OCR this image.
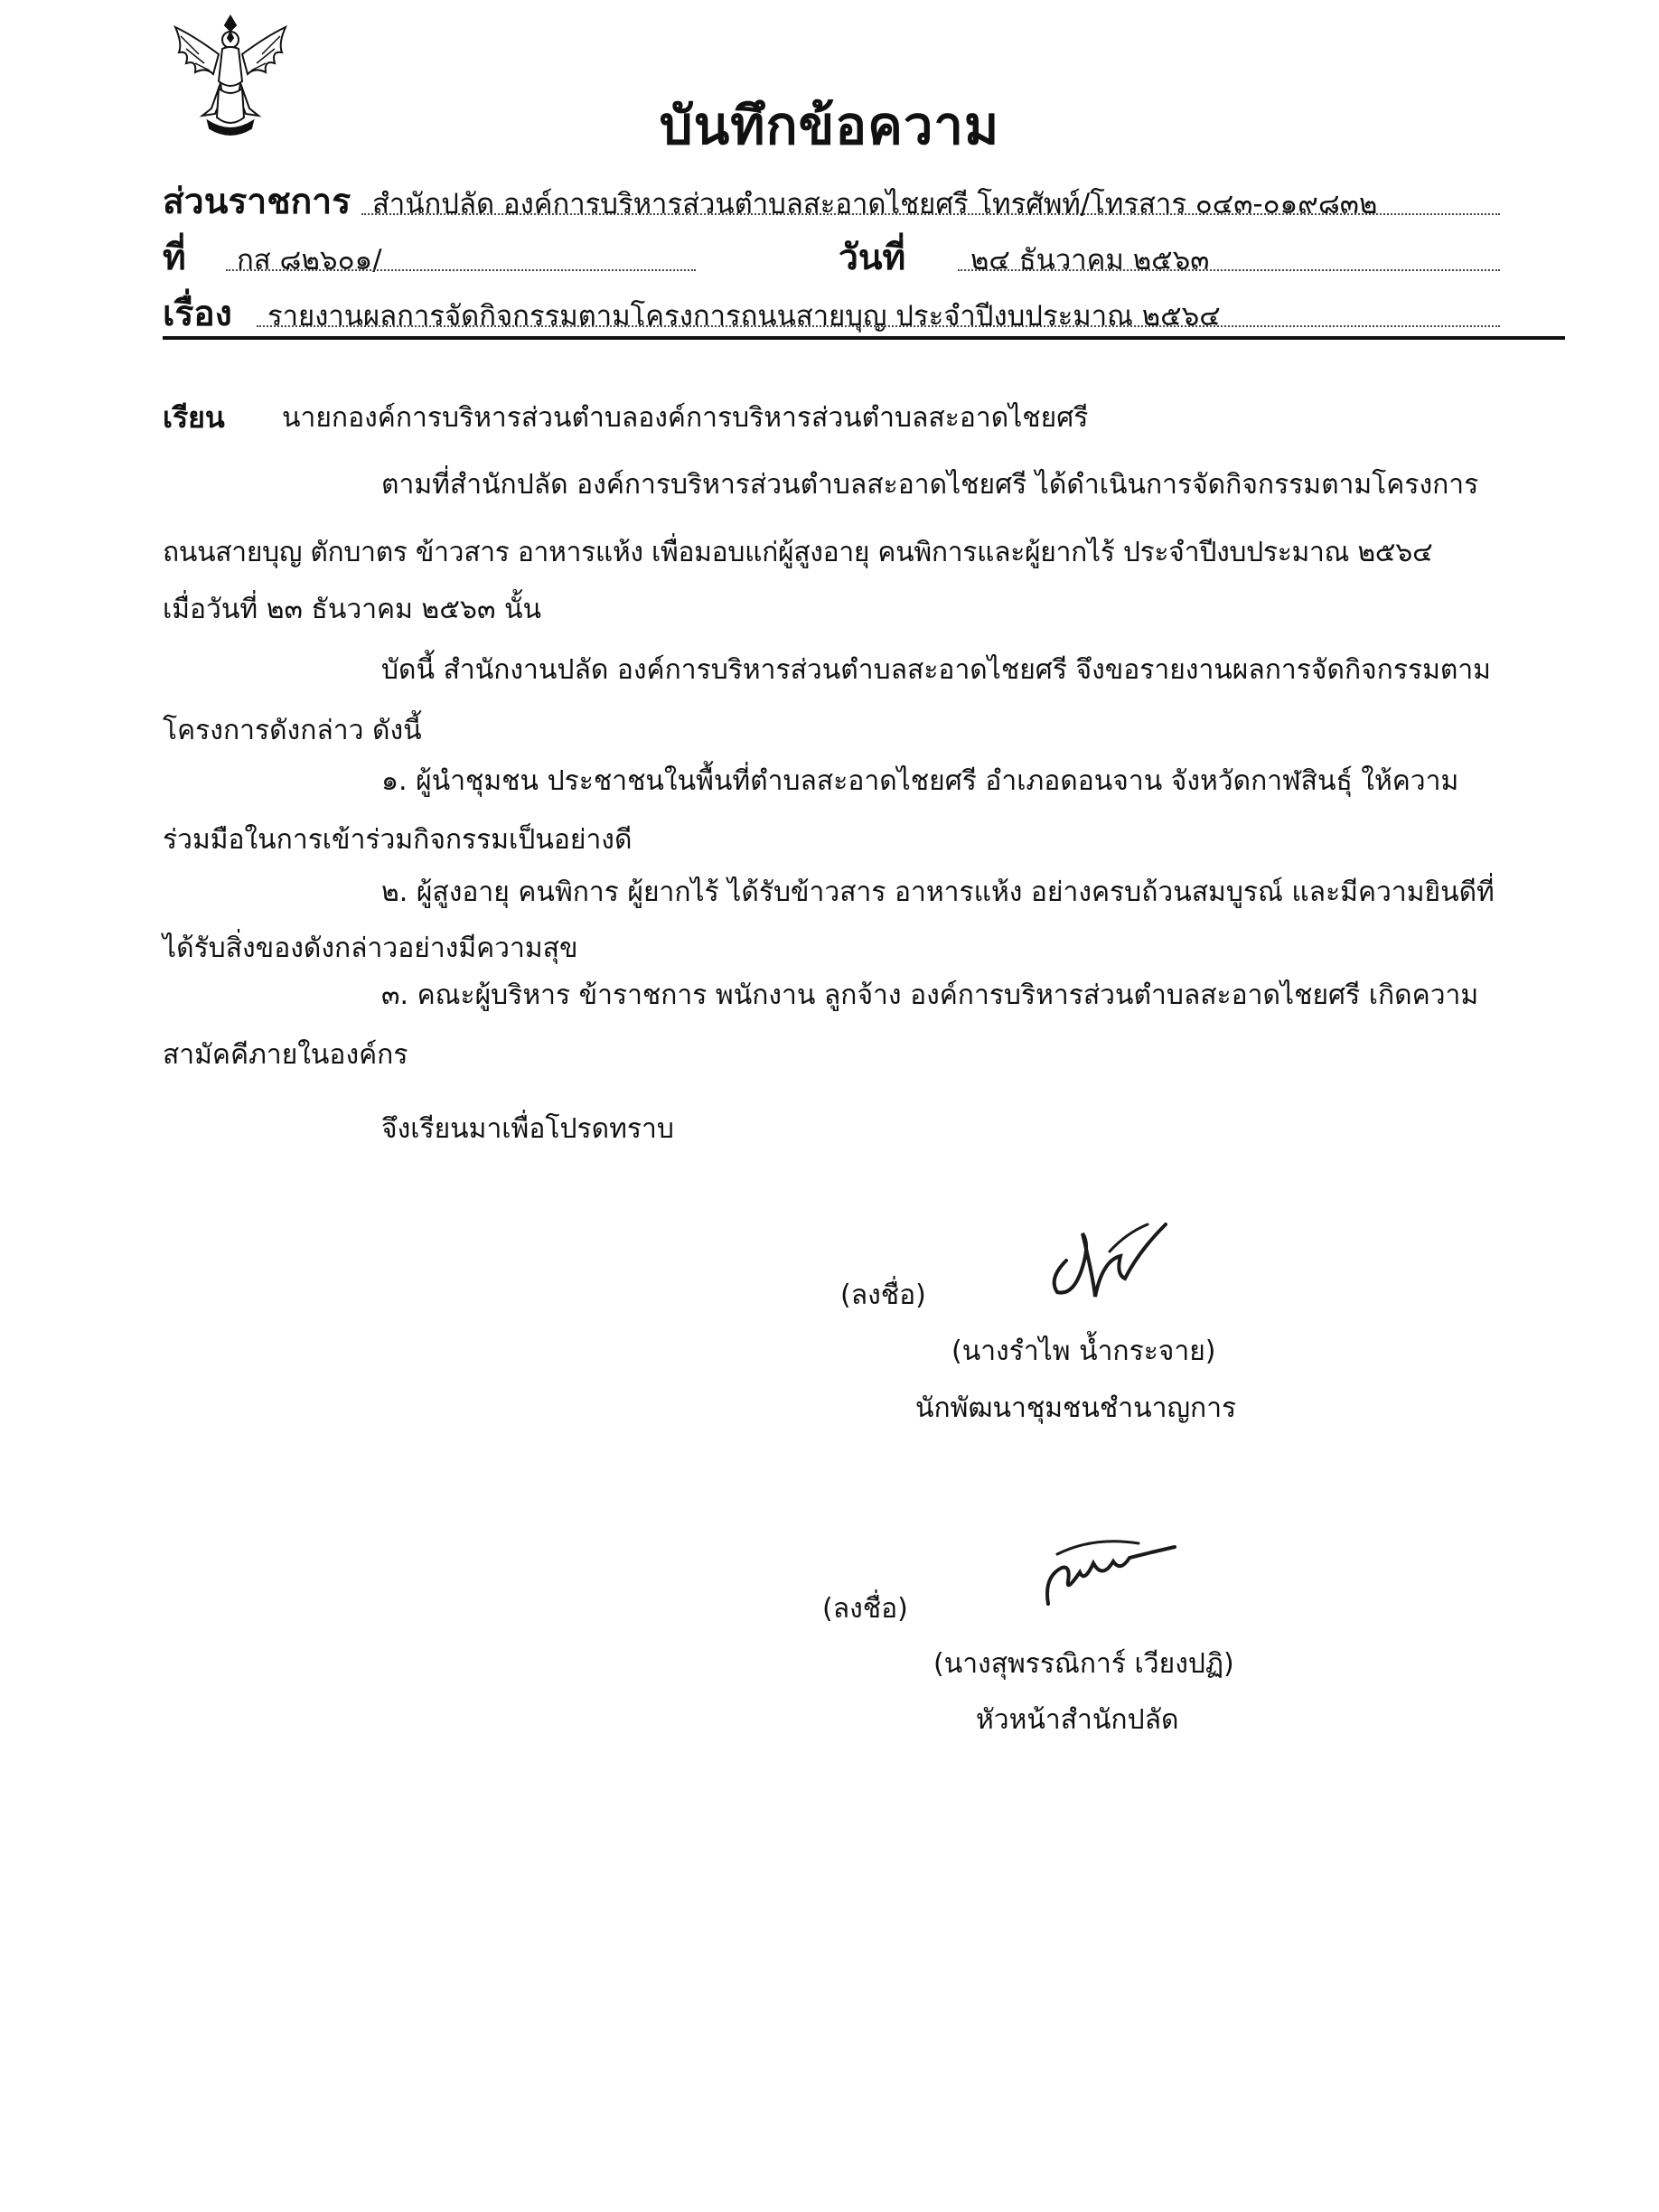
บันทึกข้อความ
ส่วนราชการ สำนักปลัด องค์การบริหารส่วนตำบลสะอาดไชยศรี โทรศัพท์/โทรสาร ๐๔๓-๐๑๙๘๓๒
ที่ กส ๘๒๖๐๑/	วันที่ ๒๔ ธันวาคม ๒๕๖๓
เรื่อง รายงานผลการจัดกิจกรรมตามโครงการถนนสายบุญ ประจำปีงบประมาณ ๒๕๖๔
เรียน นายกองค์การบริหารส่วนตำบลองค์การบริหารส่วนตำบลสะอาดไชยศรี
ตามที่สำนักปลัด องค์การบริหารส่วนตำบลสะอาดไชยศรี ได้ดำเนินการจัดกิจกรรมตามโครงการ
ถนนสายบุญ ตักบาตร ข้าวสาร อาหารแห้ง เพื่อมอบแก่ผู้สูงอายุ คนพิการและผู้ยากไร้ ประจำปีงบประมาณ ๒๕๖๔
เมื่อวันที่ ๒๓ ธันวาคม ๒๕๖๓ นั้น
บัดนี้ สำนักงานปลัด องค์การบริหารส่วนตำบลสะอาดไชยศรี จึงขอรายงานผลการจัดกิจกรรมตาม
โครงการดังกล่าว ดังนี้
๑. ผู้นำชุมชน ประชาชนในพื้นที่ตำบลสะอาดไชยศรี อำเภอดอนจาน จังหวัดกาฬสินธุ์ ให้ความ
ร่วมมือในการเข้าร่วมกิจกรรมเป็นอย่างดี
๒. ผู้สูงอายุ คนพิการ ผู้ยากไร้ ได้รับข้าวสาร อาหารแห้ง อย่างครบถ้วนสมบูรณ์ และมีความยินดีที่
ได้รับสิ่งของดังกล่าวอย่างมีความสุข
๓. คณะผู้บริหาร ข้าราชการ พนักงาน ลูกจ้าง องค์การบริหารส่วนตำบลสะอาดไชยศรี เกิดความ
สามัคคีภายในองค์กร
จึงเรียนมาเพื่อโปรดทราบ
(ลงชื่อ)
(นางรำไพ น้ำกระจาย)
นักพัฒนาชุมชนชำนาญการ
(ลงชื่อ)
(นางสุพรรณิการ์ เวียงปฏิ)
หัวหน้าสำนักปลัด
